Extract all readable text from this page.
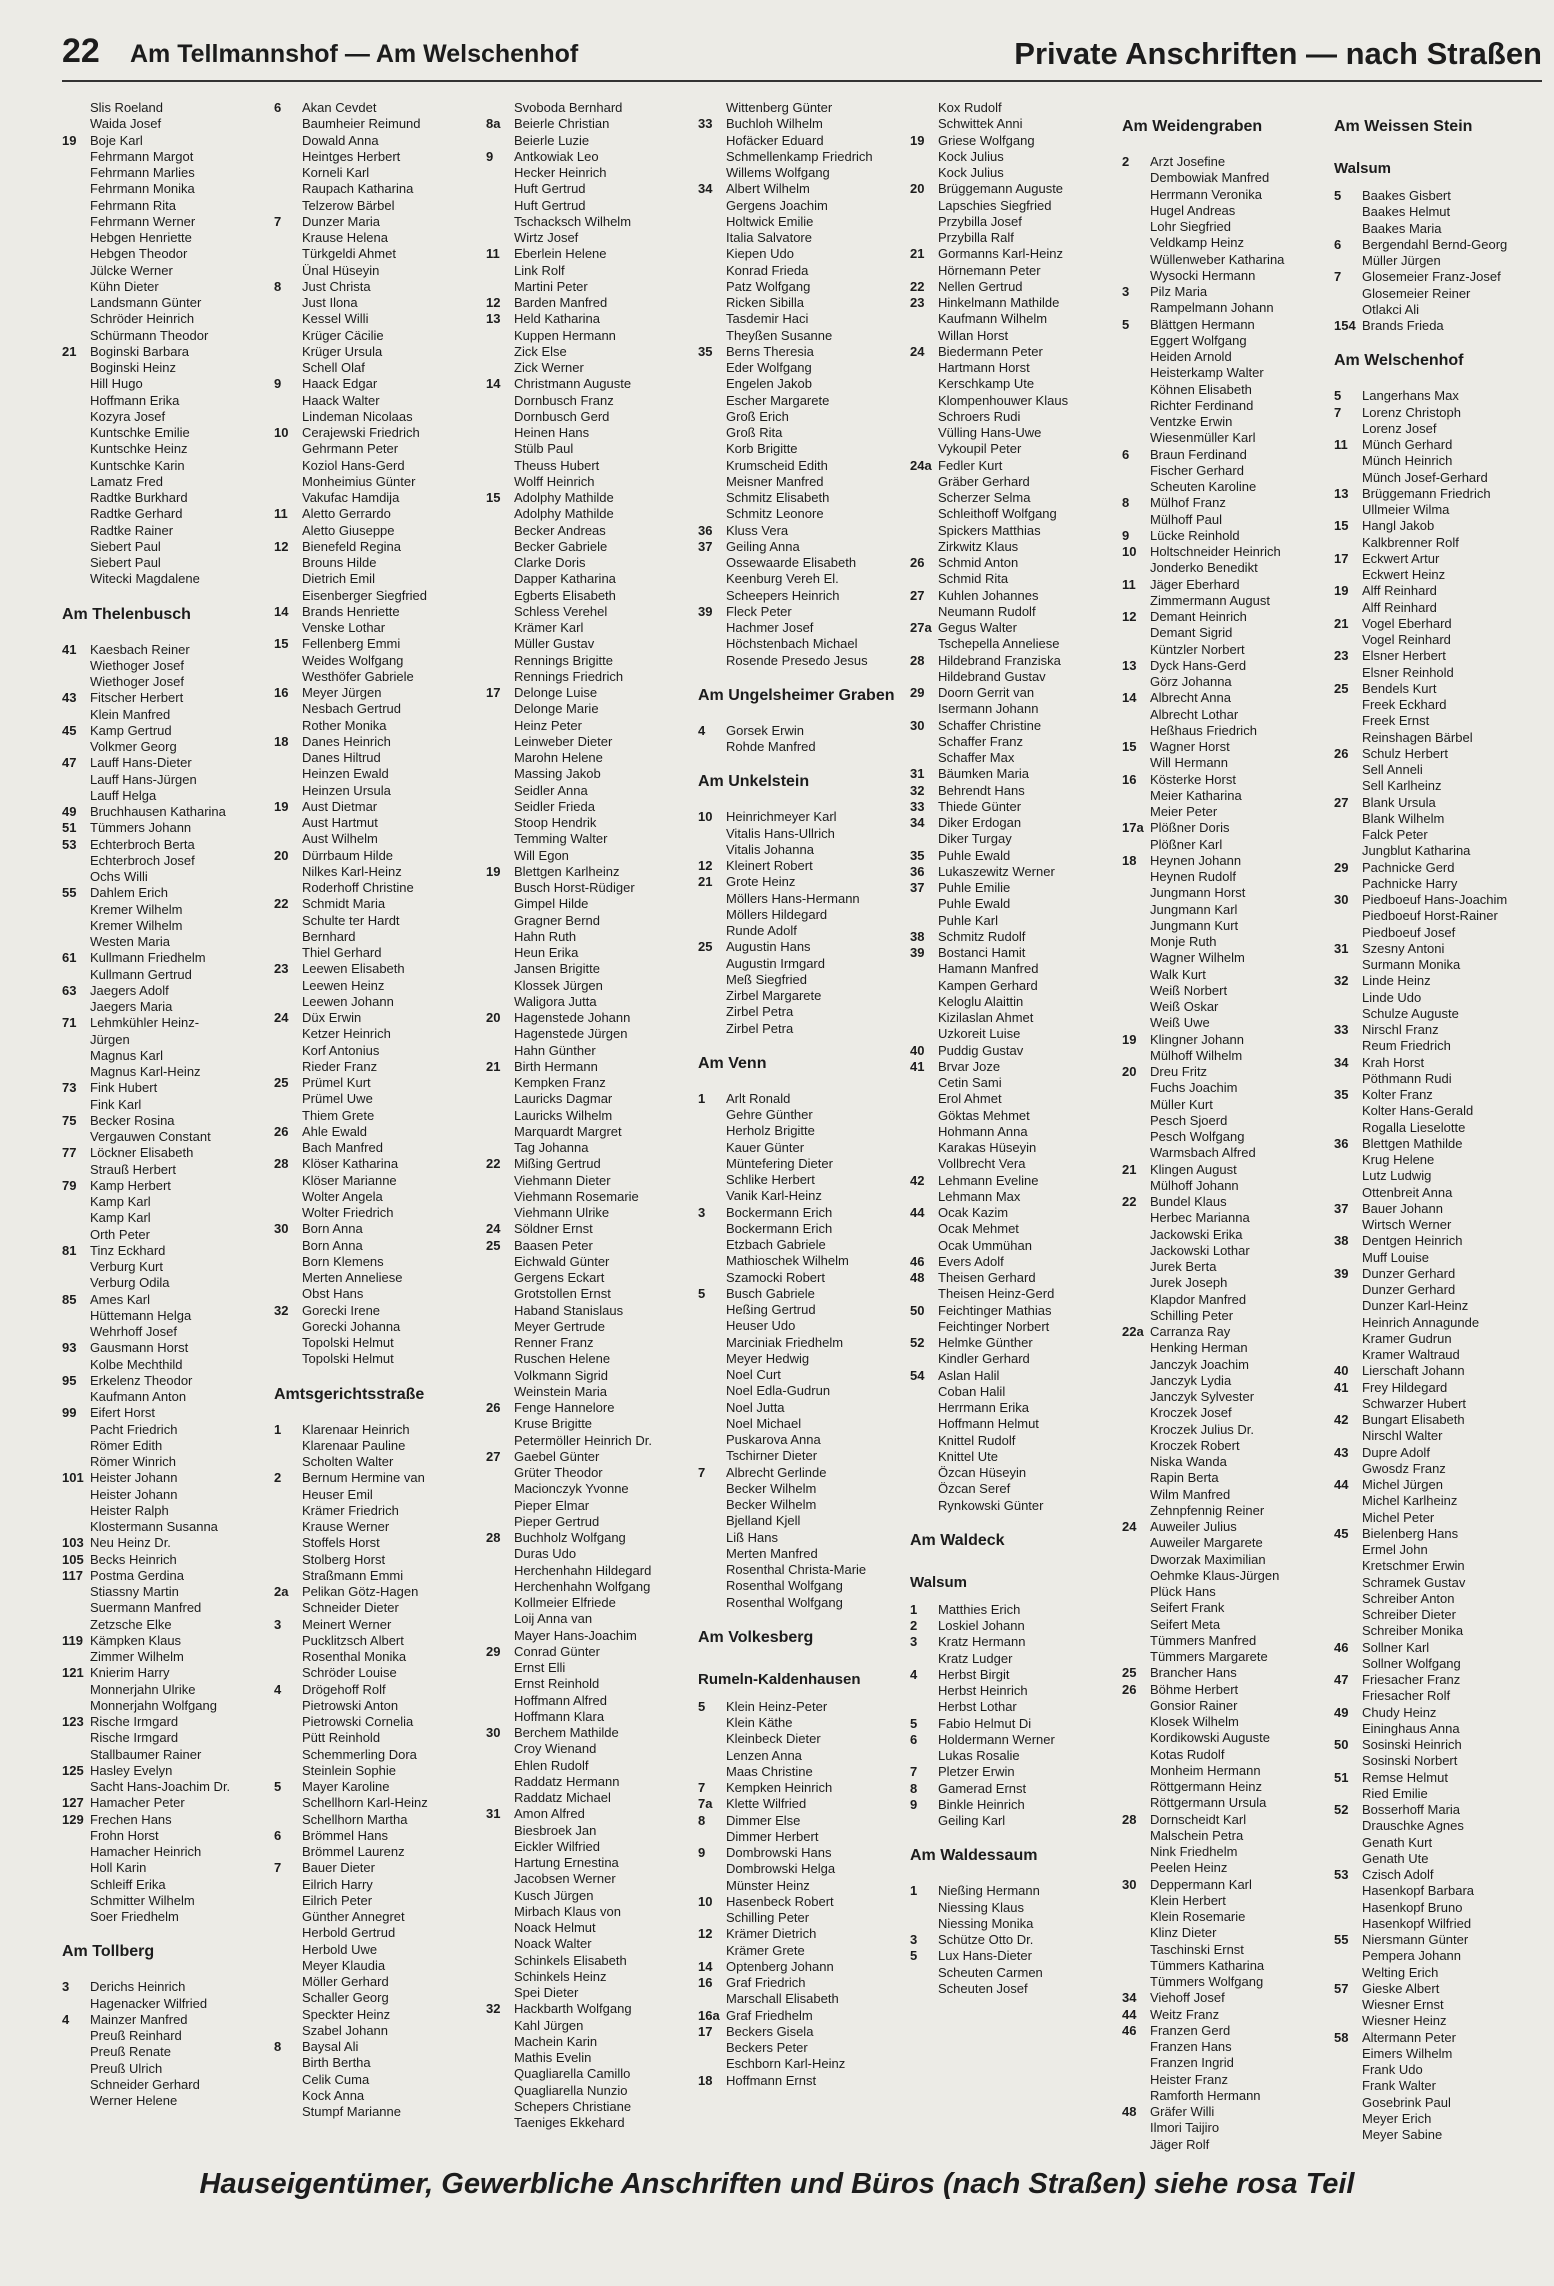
22 Am Tellmannshof — Am Welschenhof	Private Anschriften — nach Straßen
Slis Roeland
Waida Josef
19 Boje Karl
Fehrmann Margot
Fehrmann Marlies
Fehrmann Monika
Fehrmann Rita
Fehrmann Werner
Hebgen Henriette
Hebgen Theodor
Jülcke Werner
Kühn Dieter
Landsmann Günter
Schröder Heinrich
Schürmann Theodor
21 Boginski Barbara
Boginski Heinz
Hill Hugo
Hoffmann Erika
Kozyra Josef
Kuntschke Emilie
Kuntschke Heinz
Kuntschke Karin
Lamatz Fred
Radtke Burkhard
Radtke Gerhard
Radtke Rainer
Siebert Paul
Siebert Paul
Witecki Magdalene
Am Thelenbusch
41 Kaesbach Reiner
Wiethoger Josef
Wiethoger Josef
43 Fitscher Herbert
Klein Manfred
45 Kamp Gertrud
Volkmer Georg
47 Lauff Hans-Dieter
Lauff Hans-Jürgen
Lauff Helga
49 Bruchhausen Katharina
51 Tümmers Johann
53 Echterbroch Berta
Echterbroch Josef
Ochs Willi
55 Dahlem Erich
Kremer Wilhelm
Kremer Wilhelm
Westen Maria
61 Kullmann Friedhelm
Kullmann Gertrud
63 Jaegers Adolf
Jaegers Maria
71 Lehmkühler Heinz-
Jürgen
Magnus Karl
Magnus Karl-Heinz
73 Fink Hubert
Fink Karl
75 Becker Rosina
Vergauwen Constant
77 Löckner Elisabeth
Strauß Herbert
79 Kamp Herbert
Kamp Karl
Kamp Karl
Orth Peter
81 Tinz Eckhard
Verburg Kurt
Verburg Odila
85 Ames Karl
Hüttemann Helga
Wehrhoff Josef
93 Gausmann Horst
Kolbe Mechthild
95 Erkelenz Theodor
Kaufmann Anton
99 Eifert Horst
Pacht Friedrich
Römer Edith
Römer Winrich
101 Heister Johann
Heister Johann
Heister Ralph
Klostermann Susanna
103 Neu Heinz Dr.
105 Becks Heinrich
117 Postma Gerdina
Stiassny Martin
Suermann Manfred
Zetzsche Elke
119 Kämpken Klaus
Zimmer Wilhelm
121 Knierim Harry
Monnerjahn Ulrike
Monnerjahn Wolfgang
123 Rische Irmgard
Rische Irmgard
Stallbaumer Rainer
125 Hasley Evelyn
Sacht Hans-Joachim Dr.
127 Hamacher Peter
129 Frechen Hans
Frohn Horst
Hamacher Heinrich
Holl Karin
Schleiff Erika
Schmitter Wilhelm
Soer Friedhelm
Am Tollberg
3 Derichs Heinrich
Hagenacker Wilfried
4 Mainzer Manfred
Preuß Reinhard
Preuß Renate
Preuß Ulrich
Schneider Gerhard
Werner Helene
6 Akan Cevdet
Baumheier Reimund
Dowald Anna
Heintges Herbert
Korneli Karl
Raupach Katharina
Telzerow Bärbel
7 Dunzer Maria
Krause Helena
Türkgeldi Ahmet
Ünal Hüseyin
8 Just Christa
Just Ilona
Kessel Willi
Krüger Cäcilie
Krüger Ursula
Schell Olaf
9 Haack Edgar
Haack Walter
Lindeman Nicolaas
10 Cerajewski Friedrich
Gehrmann Peter
Koziol Hans-Gerd
Monheimius Günter
Vakufac Hamdija
11 Aletto Gerrardo
Aletto Giuseppe
12 Bienefeld Regina
Brouns Hilde
Dietrich Emil
Eisenberger Siegfried
14 Brands Henriette
Venske Lothar
15 Fellenberg Emmi
Weides Wolfgang
Westhöfer Gabriele
16 Meyer Jürgen
Nesbach Gertrud
Rother Monika
18 Danes Heinrich
Danes Hiltrud
Heinzen Ewald
Heinzen Ursula
19 Aust Dietmar
Aust Hartmut
Aust Wilhelm
20 Dürrbaum Hilde
Nilkes Karl-Heinz
Roderhoff Christine
22 Schmidt Maria
Schulte ter Hardt
Bernhard
Thiel Gerhard
23 Leewen Elisabeth
Leewen Heinz
Leewen Johann
24 Düx Erwin
Ketzer Heinrich
Korf Antonius
Rieder Franz
25 Prümel Kurt
Prümel Uwe
Thiem Grete
26 Ahle Ewald
Bach Manfred
28 Klöser Katharina
Klöser Marianne
Wolter Angela
Wolter Friedrich
30 Born Anna
Born Anna
Born Klemens
Merten Anneliese
Obst Hans
32 Gorecki Irene
Gorecki Johanna
Topolski Helmut
Topolski Helmut
Amtsgerichtsstraße
1 Klarenaar Heinrich
Klarenaar Pauline
Scholten Walter
2 Bernum Hermine van
Heuser Emil
Krämer Friedrich
Krause Werner
Stoffels Horst
Stolberg Horst
Straßmann Emmi
2a Pelikan Götz-Hagen
Schneider Dieter
3 Meinert Werner
Pucklitzsch Albert
Rosenthal Monika
Schröder Louise
4 Drögehoff Rolf
Pietrowski Anton
Pietrowski Cornelia
Pütt Reinhold
Schemmerling Dora
Steinlein Sophie
5 Mayer Karoline
Schellhorn Karl-Heinz
Schellhorn Martha
6 Brömmel Hans
Brömmel Laurenz
7 Bauer Dieter
Eilrich Harry
Eilrich Peter
Günther Annegret
Herbold Gertrud
Herbold Uwe
Meyer Klaudia
Möller Gerhard
Schaller Georg
Speckter Heinz
Szabel Johann
8 Baysal Ali
Birth Bertha
Celik Cuma
Kock Anna
Stumpf Marianne
Svoboda Bernhard
8a Beierle Christian
Beierle Luzie
9 Antkowiak Leo
Hecker Heinrich
Huft Gertrud
Huft Gertrud
Tschacksch Wilhelm
Wirtz Josef
11 Eberlein Helene
Link Rolf
Martini Peter
12 Barden Manfred
13 Held Katharina
Kuppen Hermann
Zick Else
Zick Werner
14 Christmann Auguste
Dornbusch Franz
Dornbusch Gerd
Heinen Hans
Stülb Paul
Theuss Hubert
Wolff Heinrich
15 Adolphy Mathilde
Adolphy Mathilde
Becker Andreas
Becker Gabriele
Clarke Doris
Dapper Katharina
Egberts Elisabeth
Schless Verehel
Krämer Karl
Müller Gustav
Rennings Brigitte
Rennings Friedrich
17 Delonge Luise
Delonge Marie
Heinz Peter
Leinweber Dieter
Marohn Helene
Massing Jakob
Seidler Anna
Seidler Frieda
Stoop Hendrik
Temming Walter
Will Egon
19 Blettgen Karlheinz
Busch Horst-Rüdiger
Gimpel Hilde
Gragner Bernd
Hahn Ruth
Heun Erika
Jansen Brigitte
Klossek Jürgen
Waligora Jutta
20 Hagenstede Johann
Hagenstede Jürgen
Hahn Günther
21 Birth Hermann
Kempken Franz
Lauricks Dagmar
Lauricks Wilhelm
Marquardt Margret
Tag Johanna
22 Mißing Gertrud
Viehmann Dieter
Viehmann Rosemarie
Viehmann Ulrike
24 Söldner Ernst
25 Baasen Peter
Eichwald Günter
Gergens Eckart
Grotstollen Ernst
Haband Stanislaus
Meyer Gertrude
Renner Franz
Ruschen Helene
Volkmann Sigrid
Weinstein Maria
26 Fenge Hannelore
Kruse Brigitte
Petermöller Heinrich Dr.
27 Gaebel Günter
Grüter Theodor
Macionczyk Yvonne
Pieper Elmar
Pieper Gertrud
28 Buchholz Wolfgang
Duras Udo
Herchenhahn Hildegard
Herchenhahn Wolfgang
Kollmeier Elfriede
Loij Anna van
Mayer Hans-Joachim
29 Conrad Günter
Ernst Elli
Ernst Reinhold
Hoffmann Alfred
Hoffmann Klara
30 Berchem Mathilde
Croy Wienand
Ehlen Rudolf
Raddatz Hermann
Raddatz Michael
31 Amon Alfred
Biesbroek Jan
Eickler Wilfried
Hartung Ernestina
Jacobsen Werner
Kusch Jürgen
Mirbach Klaus von
Noack Helmut
Noack Walter
Schinkels Elisabeth
Schinkels Heinz
Spei Dieter
32 Hackbarth Wolfgang
Kahl Jürgen
Machein Karin
Mathis Evelin
Quagliarella Camillo
Quagliarella Nunzio
Schepers Christiane
Taeniges Ekkehard
Wittenberg Günter
33 Buchloh Wilhelm
Hofäcker Eduard
Schmellenkamp Friedrich
Willems Wolfgang
34 Albert Wilhelm
Gergens Joachim
Holtwick Emilie
Italia Salvatore
Kiepen Udo
Konrad Frieda
Patz Wolfgang
Ricken Sibilla
Tasdemir Haci
Theyßen Susanne
35 Berns Theresia
Eder Wolfgang
Engelen Jakob
Escher Margarete
Groß Erich
Groß Rita
Korb Brigitte
Krumscheid Edith
Meisner Manfred
Schmitz Elisabeth
Schmitz Leonore
36 Kluss Vera
37 Geiling Anna
Ossewaarde Elisabeth
Keenburg Vereh El.
Scheepers Heinrich
39 Fleck Peter
Hachmer Josef
Höchstenbach Michael
Rosende Presedo Jesus
Am Ungelsheimer Graben
4 Gorsek Erwin
Rohde Manfred
Am Unkelstein
10 Heinrichmeyer Karl
Vitalis Hans-Ullrich
Vitalis Johanna
12 Kleinert Robert
21 Grote Heinz
Möllers Hans-Hermann
Möllers Hildegard
Runde Adolf
25 Augustin Hans
Augustin Irmgard
Meß Siegfried
Zirbel Margarete
Zirbel Petra
Zirbel Petra
Am Venn
1 Arlt Ronald
Gehre Günther
Herholz Brigitte
Kauer Günter
Müntefering Dieter
Schlike Herbert
Vanik Karl-Heinz
3 Bockermann Erich
Bockermann Erich
Etzbach Gabriele
Mathioschek Wilhelm
Szamocki Robert
5 Busch Gabriele
Heßing Gertrud
Heuser Udo
Marciniak Friedhelm
Meyer Hedwig
Noel Curt
Noel Edla-Gudrun
Noel Jutta
Noel Michael
Puskarova Anna
Tschirner Dieter
7 Albrecht Gerlinde
Becker Wilhelm
Becker Wilhelm
Bjelland Kjell
Liß Hans
Merten Manfred
Rosenthal Christa-Marie
Rosenthal Wolfgang
Rosenthal Wolfgang
Am Volkesberg
Rumeln-Kaldenhausen
5 Klein Heinz-Peter
Klein Käthe
Kleinbeck Dieter
Lenzen Anna
Maas Christine
7 Kempken Heinrich
7a Klette Wilfried
8 Dimmer Else
Dimmer Herbert
9 Dombrowski Hans
Dombrowski Helga
Münster Heinz
10 Hasenbeck Robert
Schilling Peter
12 Krämer Dietrich
Krämer Grete
14 Optenberg Johann
16 Graf Friedrich
Marschall Elisabeth
16a Graf Friedhelm
17 Beckers Gisela
Beckers Peter
Eschborn Karl-Heinz
18 Hoffmann Ernst
Kox Rudolf
Schwittek Anni
19 Griese Wolfgang
Kock Julius
Kock Julius
20 Brüggemann Auguste
Lapschies Siegfried
Przybilla Josef
Przybilla Ralf
21 Gormanns Karl-Heinz
Hörnemann Peter
22 Nellen Gertrud
23 Hinkelmann Mathilde
Kaufmann Wilhelm
Willan Horst
24 Biedermann Peter
Hartmann Horst
Kerschkamp Ute
Klompenhouwer Klaus
Schroers Rudi
Vülling Hans-Uwe
Vykoupil Peter
24a Fedler Kurt
Gräber Gerhard
Scherzer Selma
Schleithoff Wolfgang
Spickers Matthias
Zirkwitz Klaus
26 Schmid Anton
Schmid Rita
27 Kuhlen Johannes
Neumann Rudolf
27a Gegus Walter
Tschepella Anneliese
28 Hildebrand Franziska
Hildebrand Gustav
29 Doorn Gerrit van
Isermann Johann
30 Schaffer Christine
Schaffer Franz
Schaffer Max
31 Bäumken Maria
32 Behrendt Hans
33 Thiede Günter
34 Diker Erdogan
Diker Turgay
35 Puhle Ewald
36 Lukaszewitz Werner
37 Puhle Emilie
Puhle Ewald
Puhle Karl
38 Schmitz Rudolf
39 Bostanci Hamit
Hamann Manfred
Kampen Gerhard
Keloglu Alaittin
Kizilaslan Ahmet
Uzkoreit Luise
40 Puddig Gustav
41 Brvar Joze
Cetin Sami
Erol Ahmet
Göktas Mehmet
Hohmann Anna
Karakas Hüseyin
Vollbrecht Vera
42 Lehmann Eveline
Lehmann Max
44 Ocak Kazim
Ocak Mehmet
Ocak Ummühan
46 Evers Adolf
48 Theisen Gerhard
Theisen Heinz-Gerd
50 Feichtinger Mathias
Feichtinger Norbert
52 Helmke Günther
Kindler Gerhard
54 Aslan Halil
Coban Halil
Herrmann Erika
Hoffmann Helmut
Knittel Rudolf
Knittel Ute
Özcan Hüseyin
Özcan Seref
Rynkowski Günter
Am Waldeck
Walsum
1 Matthies Erich
2 Loskiel Johann
3 Kratz Hermann
Kratz Ludger
4 Herbst Birgit
Herbst Heinrich
Herbst Lothar
5 Fabio Helmut Di
6 Holdermann Werner
Lukas Rosalie
7 Pletzer Erwin
8 Gamerad Ernst
9 Binkle Heinrich
Geiling Karl
Am Waldessaum
1 Nießing Hermann
Niessing Klaus
Niessing Monika
3 Schütze Otto Dr.
5 Lux Hans-Dieter
Scheuten Carmen
Scheuten Josef
Am Weidengraben
2 Arzt Josefine
Dembowiak Manfred
Herrmann Veronika
Hugel Andreas
Lohr Siegfried
Veldkamp Heinz
Wüllenweber Katharina
Wysocki Hermann
3 Pilz Maria
Rampelmann Johann
5 Blättgen Hermann
Eggert Wolfgang
Heiden Arnold
Heisterkamp Walter
Köhnen Elisabeth
Richter Ferdinand
Ventzke Erwin
Wiesenmüller Karl
6 Braun Ferdinand
Fischer Gerhard
Scheuten Karoline
8 Mülhof Franz
Mülhoff Paul
9 Lücke Reinhold
10 Holtschneider Heinrich
Jonderko Benedikt
11 Jäger Eberhard
Zimmermann August
12 Demant Heinrich
Demant Sigrid
Küntzler Norbert
13 Dyck Hans-Gerd
Görz Johanna
14 Albrecht Anna
Albrecht Lothar
Heßhaus Friedrich
15 Wagner Horst
Will Hermann
16 Kösterke Horst
Meier Katharina
Meier Peter
17a Plößner Doris
Plößner Karl
18 Heynen Johann
Heynen Rudolf
Jungmann Horst
Jungmann Karl
Jungmann Kurt
Monje Ruth
Wagner Wilhelm
Walk Kurt
Weiß Norbert
Weiß Oskar
Weiß Uwe
19 Klingner Johann
Mülhoff Wilhelm
20 Dreu Fritz
Fuchs Joachim
Müller Kurt
Pesch Sjoerd
Pesch Wolfgang
Warmsbach Alfred
21 Klingen August
Mülhoff Johann
22 Bundel Klaus
Herbec Marianna
Jackowski Erika
Jackowski Lothar
Jurek Berta
Jurek Joseph
Klapdor Manfred
Schilling Peter
22a Carranza Ray
Henking Herman
Janczyk Joachim
Janczyk Lydia
Janczyk Sylvester
Kroczek Josef
Kroczek Julius Dr.
Kroczek Robert
Niska Wanda
Rapin Berta
Wilm Manfred
Zehnpfennig Reiner
24 Auweiler Julius
Auweiler Margarete
Dworzak Maximilian
Oehmke Klaus-Jürgen
Plück Hans
Seifert Frank
Seifert Meta
Tümmers Manfred
Tümmers Margarete
25 Brancher Hans
26 Böhme Herbert
Gonsior Rainer
Klosek Wilhelm
Kordikowski Auguste
Kotas Rudolf
Monheim Hermann
Röttgermann Heinz
Röttgermann Ursula
28 Dornscheidt Karl
Malschein Petra
Nink Friedhelm
Peelen Heinz
30 Deppermann Karl
Klein Herbert
Klein Rosemarie
Klinz Dieter
Taschinski Ernst
Tümmers Katharina
Tümmers Wolfgang
34 Viehoff Josef
44 Weitz Franz
46 Franzen Gerd
Franzen Hans
Franzen Ingrid
Heister Franz
Ramforth Hermann
48 Gräfer Willi
Ilmori Taijiro
Jäger Rolf
Am Weissen Stein
Walsum
5 Baakes Gisbert
Baakes Helmut
Baakes Maria
6 Bergendahl Bernd-Georg
Müller Jürgen
7 Glosemeier Franz-Josef
Glosemeier Reiner
Otlakci Ali
154 Brands Frieda
Am Welschenhof
5 Langerhans Max
7 Lorenz Christoph
Lorenz Josef
11 Münch Gerhard
Münch Heinrich
Münch Josef-Gerhard
13 Brüggemann Friedrich
Ullmeier Wilma
15 Hangl Jakob
Kalkbrenner Rolf
17 Eckwert Artur
Eckwert Heinz
19 Alff Reinhard
Alff Reinhard
21 Vogel Eberhard
Vogel Reinhard
23 Elsner Herbert
Elsner Reinhold
25 Bendels Kurt
Freek Eckhard
Freek Ernst
Reinshagen Bärbel
26 Schulz Herbert
Sell Anneli
Sell Karlheinz
27 Blank Ursula
Blank Wilhelm
Falck Peter
Jungblut Katharina
29 Pachnicke Gerd
Pachnicke Harry
30 Piedboeuf Hans-Joachim
Piedboeuf Horst-Rainer
Piedboeuf Josef
31 Szesny Antoni
Surmann Monika
32 Linde Heinz
Linde Udo
Schulze Auguste
33 Nirschl Franz
Reum Friedrich
34 Krah Horst
Pöthmann Rudi
35 Kolter Franz
Kolter Hans-Gerald
Rogalla Lieselotte
36 Blettgen Mathilde
Krug Helene
Lutz Ludwig
Ottenbreit Anna
37 Bauer Johann
Wirtsch Werner
38 Dentgen Heinrich
Muff Louise
39 Dunzer Gerhard
Dunzer Gerhard
Dunzer Karl-Heinz
Heinrich Annagunde
Kramer Gudrun
Kramer Waltraud
40 Lierschaft Johann
41 Frey Hildegard
Schwarzer Hubert
42 Bungart Elisabeth
Nirschl Walter
43 Dupre Adolf
Gwosdz Franz
44 Michel Jürgen
Michel Karlheinz
Michel Peter
45 Bielenberg Hans
Ermel John
Kretschmer Erwin
Schramek Gustav
Schreiber Anton
Schreiber Dieter
Schreiber Monika
46 Sollner Karl
Sollner Wolfgang
47 Friesacher Franz
Friesacher Rolf
49 Chudy Heinz
Eininghaus Anna
50 Sosinski Heinrich
Sosinski Norbert
51 Remse Helmut
Ried Emilie
52 Bosserhoff Maria
Drauschke Agnes
Genath Kurt
Genath Ute
53 Czisch Adolf
Hasenkopf Barbara
Hasenkopf Bruno
Hasenkopf Wilfried
55 Niersmann Günter
Pempera Johann
Welting Erich
57 Gieske Albert
Wiesner Ernst
Wiesner Heinz
58 Altermann Peter
Eimers Wilhelm
Frank Udo
Frank Walter
Gosebrink Paul
Meyer Erich
Meyer Sabine
Hauseigentümer, Gewerbliche Anschriften und Büros (nach Straßen) siehe rosa Teil
